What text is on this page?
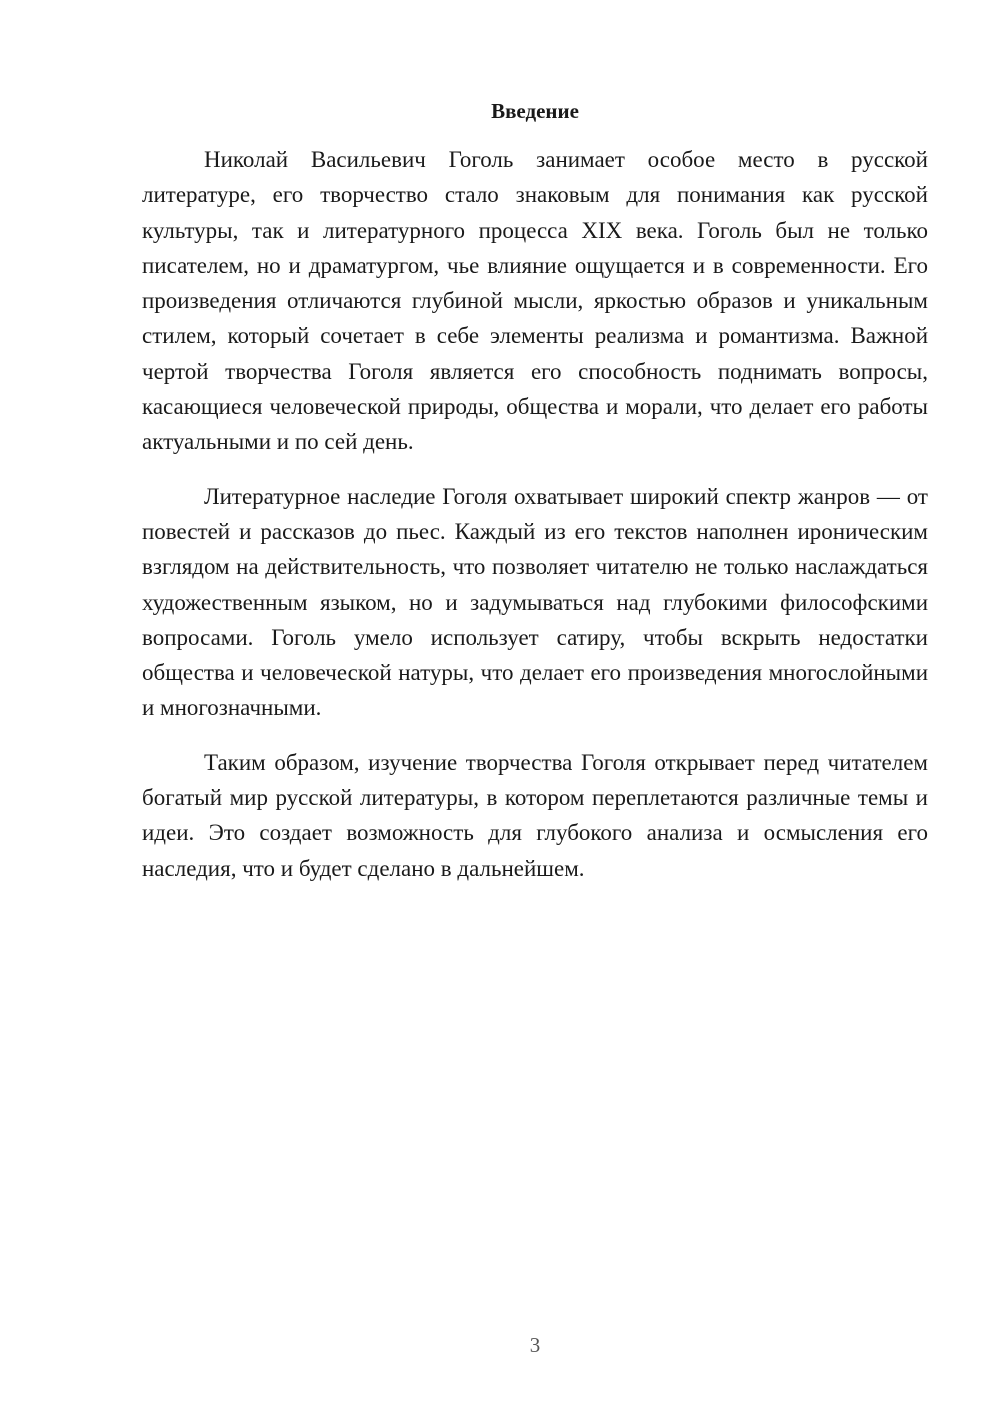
Введение

Николай Васильевич Гоголь занимает особое место в русской литературе, его творчество стало знаковым для понимания как русской культуры, так и литературного процесса XIX века. Гоголь был не только писателем, но и драматургом, чье влияние ощущается и в современности. Его произведения отличаются глубиной мысли, яркостью образов и уникальным стилем, который сочетает в себе элементы реализма и романтизма. Важной чертой творчества Гоголя является его способность поднимать вопросы, касающиеся человеческой природы, общества и морали, что делает его работы актуальными и по сей день.

Литературное наследие Гоголя охватывает широкий спектр жанров — от повестей и рассказов до пьес. Каждый из его текстов наполнен ироническим взглядом на действительность, что позволяет читателю не только наслаждаться художественным языком, но и задумываться над глубокими философскими вопросами. Гоголь умело использует сатиру, чтобы вскрыть недостатки общества и человеческой натуры, что делает его произведения многослойными и многозначными.

Таким образом, изучение творчества Гоголя открывает перед читателем богатый мир русской литературы, в котором переплетаются различные темы и идеи. Это создает возможность для глубокого анализа и осмысления его наследия, что и будет сделано в дальнейшем.

3
